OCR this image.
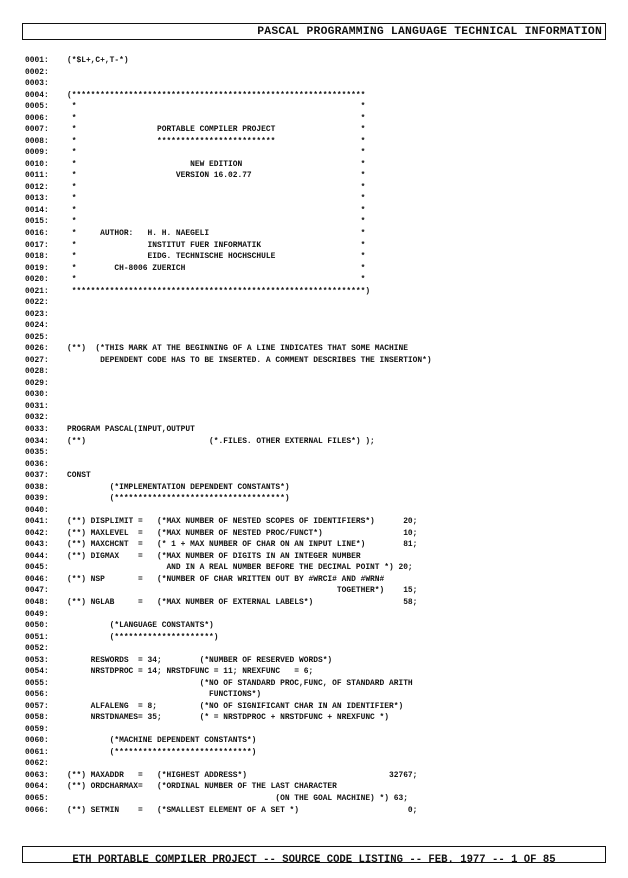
PASCAL PROGRAMMING LANGUAGE TECHNICAL INFORMATION
0001:	(*$L+,C+,T-*)
0002:
0003:
0004:	(**************************************************************
0005:	*                                                            *
0006:	*                                                            *
0007:	*                 PORTABLE COMPILER PROJECT                  *
0008:	*                 *************************                  *
0009:	*                                                            *
0010:	*                        NEW EDITION                         *
0011:	*                     VERSION 16.02.77                       *
0012:	*                                                            *
0013:	*                                                            *
0014:	*                                                            *
0015:	*                                                            *
0016:	*     AUTHOR:   H. H. NAEGELI                                *
0017:	*               INSTITUT FUER INFORMATIK                     *
0018:	*               EIDG. TECHNISCHE HOCHSCHULE                  *
0019:	*        CH-8006 ZUERICH                                     *
0020:	*                                                            *
0021:	**************************************************************)
0022:
0023:
0024:
0025:
0026:	(**)  (*THIS MARK AT THE BEGINNING OF A LINE INDICATES THAT SOME MACHINE
0027:	DEPENDENT CODE HAS TO BE INSERTED. A COMMENT DESCRIBES THE INSERTION*)
0028:
0029:
0030:
0031:
0032:
0033:	PROGRAM PASCAL(INPUT,OUTPUT
0034:	(**)                          (*.FILES. OTHER EXTERNAL FILES*) );
0035:
0036:
0037:	CONST
0038:	(*IMPLEMENTATION DEPENDENT CONSTANTS*)
0039:	(************************************)
0040:
0041:	(**) DISPLIMIT =   (*MAX NUMBER OF NESTED SCOPES OF IDENTIFIERS*)      20;
0042:	(**) MAXLEVEL  =   (*MAX NUMBER OF NESTED PROC/FUNCT*)                 10;
0043:	(**) MAXCHCNT  =   (* 1 + MAX NUMBER OF CHAR ON AN INPUT LINE*)        81;
0044:	(**) DIGMAX    =   (*MAX NUMBER OF DIGITS IN AN INTEGER NUMBER
0045:	AND IN A REAL NUMBER BEFORE THE DECIMAL POINT *) 20;
0046:	(**) NSP       =   (*NUMBER OF CHAR WRITTEN OUT BY #WRCI# AND #WRN#
0047:	TOGETHER*)    15;
0048:	(**) NGLAB     =   (*MAX NUMBER OF EXTERNAL LABELS*)                   58;
0049:
0050:	(*LANGUAGE CONSTANTS*)
0051:	(*********************)
0052:
0053:	RESWORDS  = 34;        (*NUMBER OF RESERVED WORDS*)
0054:	NRSTDPROC = 14; NRSTDFUNC = 11; NREXFUNC   = 6;
0055:	(*NO OF STANDARD PROC,FUNC, OF STANDARD ARITH
0056:	FUNCTIONS*)
0057:	ALFALENG  = 8;         (*NO OF SIGNIFICANT CHAR IN AN IDENTIFIER*)
0058:	NRSTDNAMES= 35;        (* = NRSTDPROC + NRSTDFUNC + NREXFUNC *)
0059:
0060:	(*MACHINE DEPENDENT CONSTANTS*)
0061:	(*****************************)
0062:
0063:	(**) MAXADDR   =   (*HIGHEST ADDRESS*)                              32767;
0064:	(**) ORDCHARMAX=   (*ORDINAL NUMBER OF THE LAST CHARACTER
0065:	(ON THE GOAL MACHINE) *) 63;
0066:	(**) SETMIN    =   (*SMALLEST ELEMENT OF A SET *)                       0;
ETH PORTABLE COMPILER PROJECT -- SOURCE CODE LISTING -- FEB. 1977 -- 1 OF 85
